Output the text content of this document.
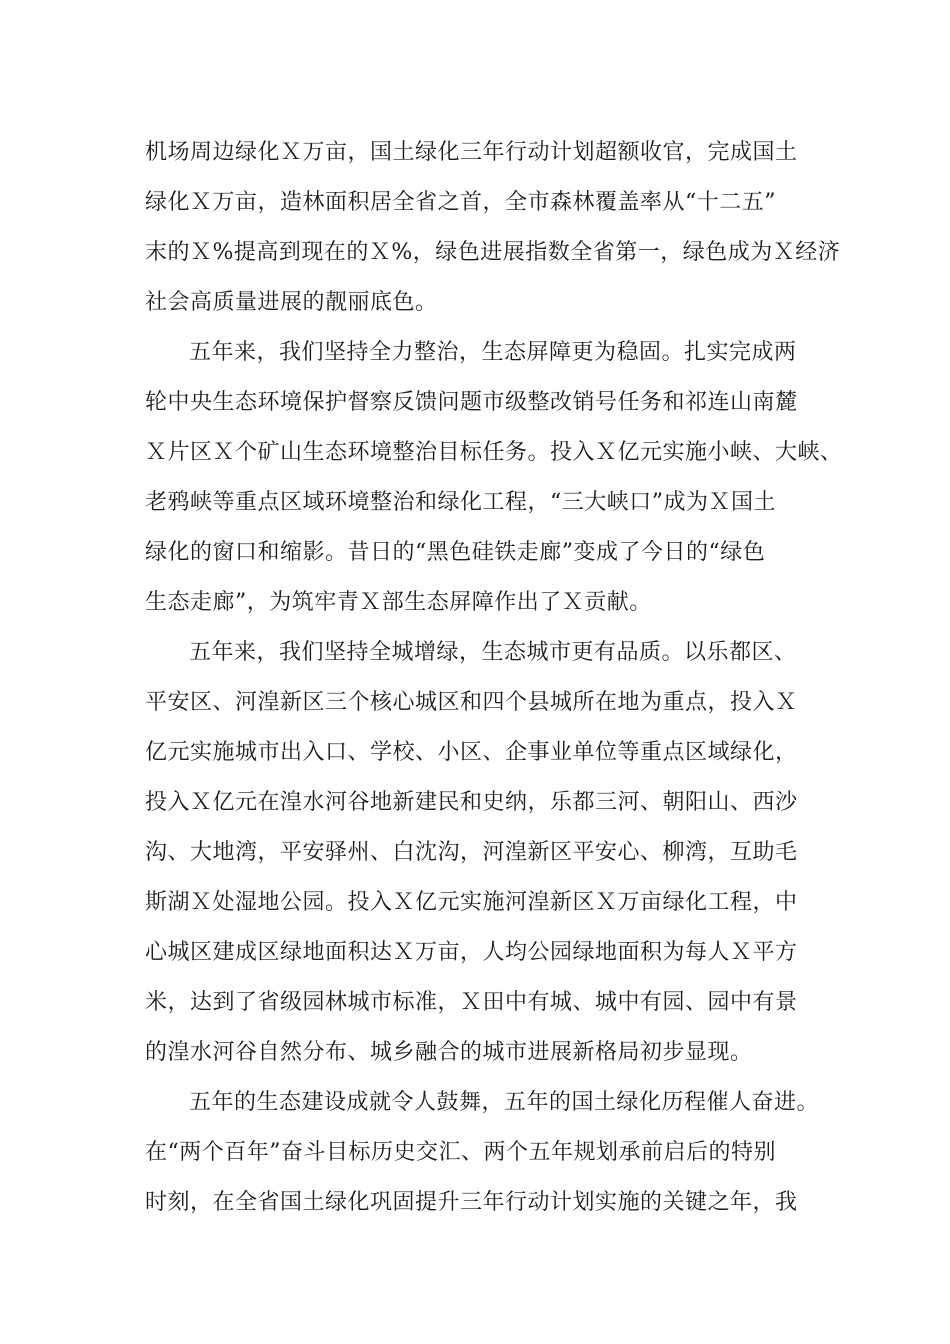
机场周边绿化Ｘ万亩，国土绿化三年行动计划超额收官，完成国土
绿化Ｘ万亩，造林面积居全省之首，全市森林覆盖率从“十二五”
末的Ｘ%提高到现在的Ｘ%，绿色进展指数全省第一，绿色成为Ｘ经济
社会高质量进展的靓丽底色。
五年来，我们坚持全力整治，生态屏障更为稳固。扎实完成两
轮中央生态环境保护督察反馈问题市级整改销号任务和祁连山南麓
Ｘ片区Ｘ个矿山生态环境整治目标任务。投入Ｘ亿元实施小峡、大峡、
老鸦峡等重点区域环境整治和绿化工程，“三大峡口”成为Ｘ国土
绿化的窗口和缩影。昔日的“黑色硅铁走廊”变成了今日的“绿色
生态走廊”，为筑牢青Ｘ部生态屏障作出了Ｘ贡献。
五年来，我们坚持全城增绿，生态城市更有品质。以乐都区、
平安区、河湟新区三个核心城区和四个县城所在地为重点，投入Ｘ
亿元实施城市出入口、学校、小区、企事业单位等重点区域绿化，
投入Ｘ亿元在湟水河谷地新建民和史纳，乐都三河、朝阳山、西沙
沟、大地湾，平安驿州、白沈沟，河湟新区平安心、柳湾，互助毛
斯湖Ｘ处湿地公园。投入Ｘ亿元实施河湟新区Ｘ万亩绿化工程，中
心城区建成区绿地面积达Ｘ万亩，人均公园绿地面积为每人Ｘ平方
米，达到了省级园林城市标准，Ｘ田中有城、城中有园、园中有景
的湟水河谷自然分布、城乡融合的城市进展新格局初步显现。
五年的生态建设成就令人鼓舞，五年的国土绿化历程催人奋进。
在“两个百年”奋斗目标历史交汇、两个五年规划承前启后的特别
时刻，在全省国土绿化巩固提升三年行动计划实施的关键之年，我
